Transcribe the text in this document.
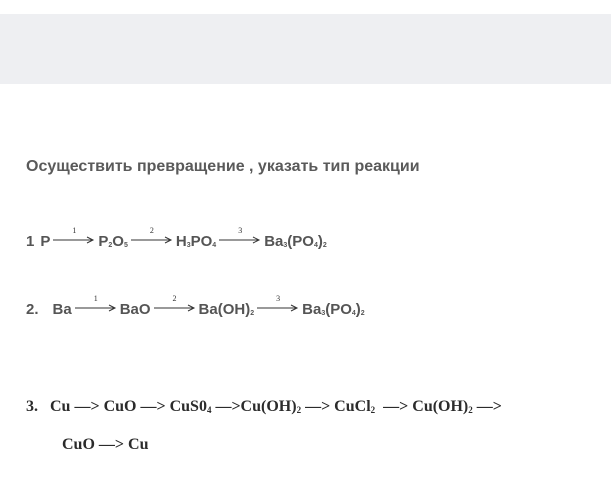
Осуществить превращение , указать тип реакции
1 P
1
$P_2O_5$
2
$H_3PO_4$
3
$Ba_3(PO_4)_2$
2. Ba
1
BaO
2
$Ba(OH)_2$
3
$Ba_3(PO_4)_2$
3.   Cu —> CuO —> $CuS0_4$ $—>Cu(OH)_2$ —> CuCl$_2$  —> $Cu(OH)_2$ —>
CuO —> Cu
